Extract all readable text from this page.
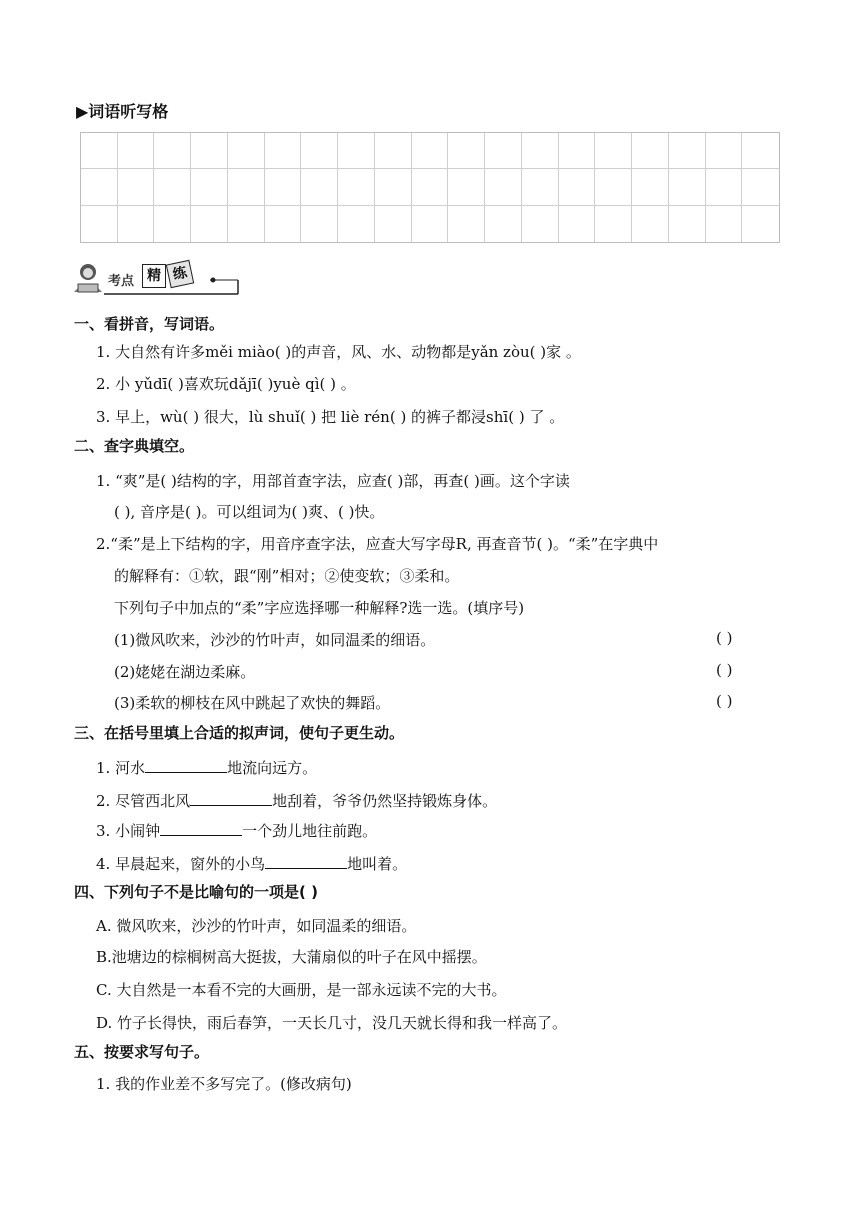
▶词语听写格
考点 精 练
一、看拼音，写词语。
1. 大自然有许多měi miào( )的声音，风、水、动物都是yǎn zòu( )家 。
2. 小 yǔdī( )喜欢玩dǎjī( )yuè qì( ) 。
3. 早上，wù( ) 很大，lù shuǐ( ) 把 liè rén( ) 的裤子都浸shī( ) 了 。
二、查字典填空。
1. “爽”是( )结构的字，用部首查字法，应查( )部，再查( )画。这个字读
( ), 音序是( )。可以组词为( )爽、( )快。
2.“柔”是上下结构的字，用音序查字法，应查大写字母R, 再查音节( )。“柔”在字典中
的解释有：①软，跟“刚”相对；②使变软；③柔和。
下列句子中加点的“柔”字应选择哪一种解释?选一选。(填序号)
(1)微风吹来，沙沙的竹叶声，如同温柔的细语。	( )
(2)姥姥在湖边柔麻。	( )
(3)柔软的柳枝在风中跳起了欢快的舞蹈。	( )
三、在括号里填上合适的拟声词，使句子更生动。
1. 河水	地流向远方。
2. 尽管西北风	地刮着，爷爷仍然坚持锻炼身体。
3. 小闹钟	一个劲儿地往前跑。
4. 早晨起来，窗外的小鸟	地叫着。
四、下列句子不是比喻句的一项是( )
A. 微风吹来，沙沙的竹叶声，如同温柔的细语。
B.池塘边的棕榈树高大挺拔，大蒲扇似的叶子在风中摇摆。
C. 大自然是一本看不完的大画册，是一部永远读不完的大书。
D. 竹子长得快，雨后春笋，一天长几寸，没几天就长得和我一样高了。
五、按要求写句子。
1. 我的作业差不多写完了。(修改病句)
